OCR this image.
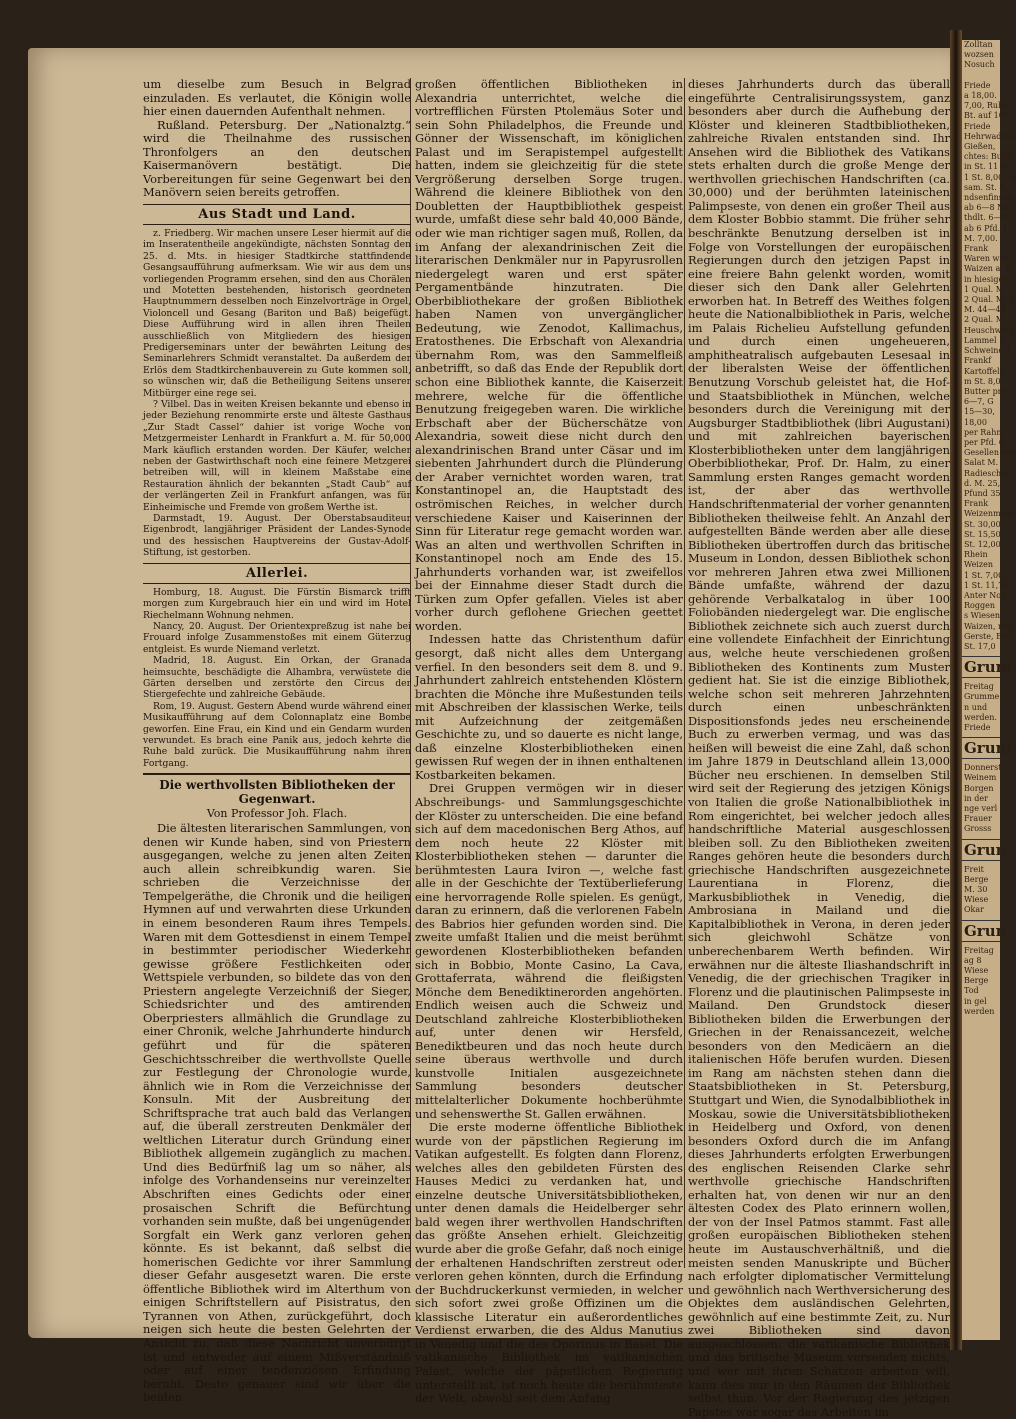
um dieselbe zum Besuch in Belgrad einzuladen. Es verlautet, die Königin wolle hier einen dauernden Aufenthalt nehmen.

Rußland. Petersburg. Der „Nationalztg.“ wird die Theilnahme des russischen Thronfolgers an den deutschen Kaisermanövern bestätigt. Die Vorbereitungen für seine Gegenwart bei den Manövern seien bereits getroffen.

Aus Stadt und Land.

z. Friedberg. Wir machen unsere Leser hiermit auf die im Inseratentheile angekündigte, nächsten Sonntag den 25. d. Mts. in hiesiger Stadtkirche stattfindende Gesangsaufführung aufmerksam. Wie wir aus dem uns vorliegenden Programm ersehen, sind den aus Chorälen und Motetten bestehenden, historisch geordneten Hauptnummern desselben noch Einzelvorträge in Orgel, Violoncell und Gesang (Bariton und Baß) beigefügt. Diese Aufführung wird in allen ihren Theilen ausschließlich von Mitgliedern des hiesigen Predigerseminars unter der bewährten Leitung des Seminarlehrers Schmidt veranstaltet. Da außerdem der Erlös dem Stadtkirchenbauverein zu Gute kommen soll, so wünschen wir, daß die Betheiligung Seitens unserer Mitbürger eine rege sei.

? Vilbel. Das in weiten Kreisen bekannte und ebenso in jeder Beziehung renommirte erste und älteste Gasthaus „Zur Stadt Cassel“ dahier ist vorige Woche von Metzgermeister Lenhardt in Frankfurt a. M. für 50,000 Mark käuflich erstanden worden. Der Käufer, welcher neben der Gastwirthschaft noch eine feinere Metzgerei betreiben will, will in kleinem Maßstabe eine Restauration ähnlich der bekannten „Stadt Caub“ auf der verlängerten Zeil in Frankfurt anfangen, was für Einheimische und Fremde von großem Werthe ist.

Darmstadt, 19. August. Der Oberstabsauditeur Eigenbrodt, langjähriger Präsident der Landes-Synode und des hessischen Hauptvereins der Gustav-Adolf-Stiftung, ist gestorben.

Allerlei.

Homburg, 18. August. Die Fürstin Bismarck trifft morgen zum Kurgebrauch hier ein und wird im Hotel Riechelmann Wohnung nehmen.

Nancy, 20. August. Der Orientexpreßzug ist nahe bei Frouard infolge Zusammenstoßes mit einem Güterzug entgleist. Es wurde Niemand verletzt.

Madrid, 18. August. Ein Orkan, der Granada heimsuchte, beschädigte die Alhambra, verwüstete die Gärten derselben und zerstörte den Circus der Stiergefechte und zahlreiche Gebäude.

Rom, 19. August. Gestern Abend wurde während einer Musikaufführung auf dem Colonnaplatz eine Bombe geworfen. Eine Frau, ein Kind und ein Gendarm wurden verwundet. Es brach eine Panik aus, jedoch kehrte die Ruhe bald zurück. Die Musikaufführung nahm ihren Fortgang.

Die werthvollsten Bibliotheken der Gegenwart.
Von Professor Joh. Flach.

Die ältesten literarischen Sammlungen, von denen wir Kunde haben, sind von Priestern ausgegangen, welche zu jenen alten Zeiten auch allein schreibkundig waren. Sie schrieben die Verzeichnisse der Tempelgeräthe, die Chronik und die heiligen Hymnen auf und verwahrten diese Urkunden in einem besonderen Raum ihres Tempels. Waren mit dem Gottesdienst in einem Tempel in bestimmter periodischer Wiederkehr gewisse größere Festlichkeiten oder Wettspiele verbunden, so bildete das von den Priestern angelegte Verzeichniß der Sieger, Schiedsrichter und des amtirenden Oberpriesters allmählich die Grundlage zu einer Chronik, welche Jahrhunderte hindurch geführt und für die späteren Geschichtsschreiber die werthvollste Quelle zur Festlegung der Chronologie wurde, ähnlich wie in Rom die Verzeichnisse der Konsuln. Mit der Ausbreitung der Schriftsprache trat auch bald das Verlangen auf, die überall zerstreuten Denkmäler der weltlichen Literatur durch Gründung einer Bibliothek allgemein zugänglich zu machen. Und dies Bedürfniß lag um so näher, als infolge des Vorhandenseins nur vereinzelter Abschriften eines Gedichts oder einer prosaischen Schrift die Befürchtung vorhanden sein mußte, daß bei ungenügender Sorgfalt ein Werk ganz verloren gehen könnte. Es ist bekannt, daß selbst die homerischen Gedichte vor ihrer Sammlung dieser Gefahr ausgesetzt waren. Die erste öffentliche Bibliothek wird im Alterthum von einigen Schriftstellern auf Pisistratus, den Tyrannen von Athen, zurückgeführt, doch neigen sich heute die besten Gelehrten der Ansicht zu, daß diese Nachricht unverbürgt ist und entweder auf einem Mißverständniß oder auf einer tendenziösen Erfindung beruht. Desto genauer sind wir über die beiden

großen öffentlichen Bibliotheken in Alexandria unterrichtet, welche die vortrefflichen Fürsten Ptolemäus Soter und sein Sohn Philadelphos, die Freunde und Gönner der Wissenschaft, im königlichen Palast und im Serapistempel aufgestellt hatten, indem sie gleichzeitig für die stete Vergrößerung derselben Sorge trugen. Während die kleinere Bibliothek von den Doubletten der Hauptbibliothek gespeist wurde, umfaßt diese sehr bald 40,000 Bände, oder wie man richtiger sagen muß, Rollen, da im Anfang der alexandrinischen Zeit die literarischen Denkmäler nur in Papyrusrollen niedergelegt waren und erst später Pergamentbände hinzutraten. Die Oberbibliothekare der großen Bibliothek haben Namen von unvergänglicher Bedeutung, wie Zenodot, Kallimachus, Eratosthenes. Die Erbschaft von Alexandria übernahm Rom, was den Sammelfleiß anbetrifft, so daß das Ende der Republik dort schon eine Bibliothek kannte, die Kaiserzeit mehrere, welche für die öffentliche Benutzung freigegeben waren. Die wirkliche Erbschaft aber der Bücherschätze von Alexandria, soweit diese nicht durch den alexandrinischen Brand unter Cäsar und im siebenten Jahrhundert durch die Plünderung der Araber vernichtet worden waren, trat Konstantinopel an, die Hauptstadt des oströmischen Reiches, in welcher durch verschiedene Kaiser und Kaiserinnen der Sinn für Literatur rege gemacht worden war. Was an alten und werthvollen Schriften in Konstantinopel noch am Ende des 15. Jahrhunderts vorhanden war, ist zweifellos bei der Einnahme dieser Stadt durch die Türken zum Opfer gefallen. Vieles ist aber vorher durch geflohene Griechen geettet worden.

Indessen hatte das Christenthum dafür gesorgt, daß nicht alles dem Untergang verfiel. In den besonders seit dem 8. und 9. Jahrhundert zahlreich entstehenden Klöstern brachten die Mönche ihre Mußestunden teils mit Abschreiben der klassischen Werke, teils mit Aufzeichnung der zeitgemäßen Geschichte zu, und so dauerte es nicht lange, daß einzelne Klosterbibliotheken einen gewissen Ruf wegen der in ihnen enthaltenen Kostbarkeiten bekamen.

Drei Gruppen vermögen wir in dieser Abschreibungs- und Sammlungsgeschichte der Klöster zu unterscheiden. Die eine befand sich auf dem macedonischen Berg Athos, auf dem noch heute 22 Klöster mit Klosterbibliotheken stehen — darunter die berühmtesten Laura Iviron —, welche fast alle in der Geschichte der Textüberlieferung eine hervorragende Rolle spielen. Es genügt, daran zu erinnern, daß die verlorenen Fabeln des Babrios hier gefunden worden sind. Die zweite umfaßt Italien und die meist berühmt gewordenen Klosterbibliotheken befanden sich in Bobbio, Monte Casino, La Cava, Grottaferrata, während die fleißigsten Mönche dem Benediktinerorden angehörten. Endlich weisen auch die Schweiz und Deutschland zahlreiche Klosterbibliotheken auf, unter denen wir Hersfeld, Benediktbeuren und das noch heute durch seine überaus werthvolle und durch kunstvolle Initialen ausgezeichnete Sammlung besonders deutscher mittelalterlicher Dokumente hochberühmte und sehenswerthe St. Gallen erwähnen.

Die erste moderne öffentliche Bibliothek wurde von der päpstlichen Regierung im Vatikan aufgestellt. Es folgten dann Florenz, welches alles den gebildeten Fürsten des Hauses Medici zu verdanken hat, und einzelne deutsche Universitätsbibliotheken, unter denen damals die Heidelberger sehr bald wegen ihrer werthvollen Handschriften das größte Ansehen erhielt. Gleichzeitig wurde aber die große Gefahr, daß noch einige der erhaltenen Handschriften zerstreut oder verloren gehen könnten, durch die Erfindung der Buchdruckerkunst vermieden, in welcher sich sofort zwei große Offizinen um die klassische Literatur ein außerordentliches Verdienst erwarben, die des Aldus Manutius in Venedig und die des Oporinus in Basel. Die vatikanische Bibliothek im vatikanischen Palast, welche der päpstlichen Regierung unterstellt ist, ist noch heute die berühmteste der Welt, obwohl seit dem Anfang

dieses Jahrhunderts durch das überall eingeführte Centralisirungssystem, ganz besonders aber durch die Aufhebung der Klöster und kleineren Stadtbibliotheken, zahlreiche Rivalen entstanden sind. Ihr Ansehen wird die Bibliothek des Vatikans stets erhalten durch die große Menge der werthvollen griechischen Handschriften (ca. 30,000) und der berühmten lateinischen Palimpseste, von denen ein großer Theil aus dem Kloster Bobbio stammt. Die früher sehr beschränkte Benutzung derselben ist in Folge von Vorstellungen der europäischen Regierungen durch den jetzigen Papst in eine freiere Bahn gelenkt worden, womit dieser sich den Dank aller Gelehrten erworben hat. In Betreff des Weithes folgen heute die Nationalbibliothek in Paris, welche im Palais Richelieu Aufstellung gefunden und durch einen ungeheueren, amphitheatralisch aufgebauten Lesesaal in der liberalsten Weise der öffentlichen Benutzung Vorschub geleistet hat, die Hof- und Staatsbibliothek in München, welche besonders durch die Vereinigung mit der Augsburger Stadtbibliothek (libri Augustani) und mit zahlreichen bayerischen Klosterbibliotheken unter dem langjährigen Oberbibliothekar, Prof. Dr. Halm, zu einer Sammlung ersten Ranges gemacht worden ist, der aber das werthvolle Handschriftenmaterial der vorher genannten Bibliotheken theilweise fehlt. An Anzahl der aufgestellten Bände werden aber alle diese Bibliotheken übertroffen durch das britische Museum in London, dessen Bibliothek schon vor mehreren Jahren etwa zwei Millionen Bände umfaßte, während der dazu gehörende Verbalkatalog in über 100 Foliobänden niedergelegt war. Die englische Bibliothek zeichnete sich auch zuerst durch eine vollendete Einfachheit der Einrichtung aus, welche heute verschiedenen großen Bibliotheken des Kontinents zum Muster gedient hat. Sie ist die einzige Bibliothek, welche schon seit mehreren Jahrzehnten durch einen unbeschränkten Dispositionsfonds jedes neu erscheinende Buch zu erwerben vermag, und was das heißen will beweist die eine Zahl, daß schon im Jahre 1879 in Deutschland allein 13,000 Bücher neu erschienen. In demselben Stil wird seit der Regierung des jetzigen Königs von Italien die große Nationalbibliothek in Rom eingerichtet, bei welcher jedoch alles handschriftliche Material ausgeschlossen bleiben soll. Zu den Bibliotheken zweiten Ranges gehören heute die besonders durch griechische Handschriften ausgezeichnete Laurentiana in Florenz, die Markusbibliothek in Venedig, die Ambrosiana in Mailand und die Kapitalbibliothek in Verona, in deren jeder sich gleichwohl Schätze von unberechenbarem Werth befinden. Wir erwähnen nur die älteste Iliashandschrift in Venedig, die der griechischen Tragiker in Florenz und die plautinischen Palimpseste in Mailand. Den Grundstock dieser Bibliotheken bilden die Erwerbungen der Griechen in der Renaissancezeit, welche besonders von den Medicäern an die italienischen Höfe berufen wurden. Diesen im Rang am nächsten stehen dann die Staatsbibliotheken in St. Petersburg, Stuttgart und Wien, die Synodalbibliothek in Moskau, sowie die Universitätsbibliotheken in Heidelberg und Oxford, von denen besonders Oxford durch die im Anfang dieses Jahrhunderts erfolgten Erwerbungen des englischen Reisenden Clarke sehr werthvolle griechische Handschriften erhalten hat, von denen wir nur an den ältesten Codex des Plato erinnern wollen, der von der Insel Patmos stammt. Fast alle großen europäischen Bibliotheken stehen heute im Austauschverhältniß, und die meisten senden Manuskripte und Bücher nach erfolgter diplomatischer Vermittelung und gewöhnlich nach Werthversicherung des Objektes dem ausländischen Gelehrten, gewöhnlich auf eine bestimmte Zeit, zu. Nur zwei Bibliotheken sind davon ausgeschlossen: die vatikanische Bibliothek und das britische Museum versenden nichts, und wer mit ihren Schätzen arbeiten will, kann dies nur in den Räumen der Bibliothek selbst thun. Vor der Regierung des jetzigen Papstes war sogar das Arbeiten im

Zolltan
wozsen
Nosuch

Friede
a 18,00.
7,00, Ruhr
Bt. auf 100
Friede
Hehrwad M.
Gießen,
chtes: Butte
in St. 11 M.
1 St. 8,00—6
sam. St. 8,
ndsenfinsch
ab 6—8 M.
thdlt. 6—10
ab 6 Pfd. 1
M. 7,00.
Frank
Waren war
Waizen a. R.
in hiesiger
1 Qual. M
2 Qual. M. 6
M. 44—46
2 Qual. M
Heuschwein
Lammel 1.
Schweine 1.
Frankf
Kartoffeln
m St. 8,0
Butter pro
6—7, G
15—30,
18,00
per Rahm
per Pfd. 6—
Gesellen per
Salat M.
Radieschen
d. M. 25,
Pfund 35,
Frank
Weizenmehl
St. 30,00,
St. 15,50,
St. 12,00
Rhein
Weizen
1 St. 7,00,
1 St. 11,75,
Anter Nog.
Roggen
s Wiesen
Waizen, neu
Gerste, Bra
St. 17,0
Grum
Freitag
Grumme
n und
werden.
Friede
Grum
Donnerst
Weinem
Borgen
in der
nge verl
Frauer
Grosss
Grun
Freit
Berge
M. 30
Wiese
Okar
Grun
Freitag
ag 8
Wiese
Berge
Tod
in gel
werden
